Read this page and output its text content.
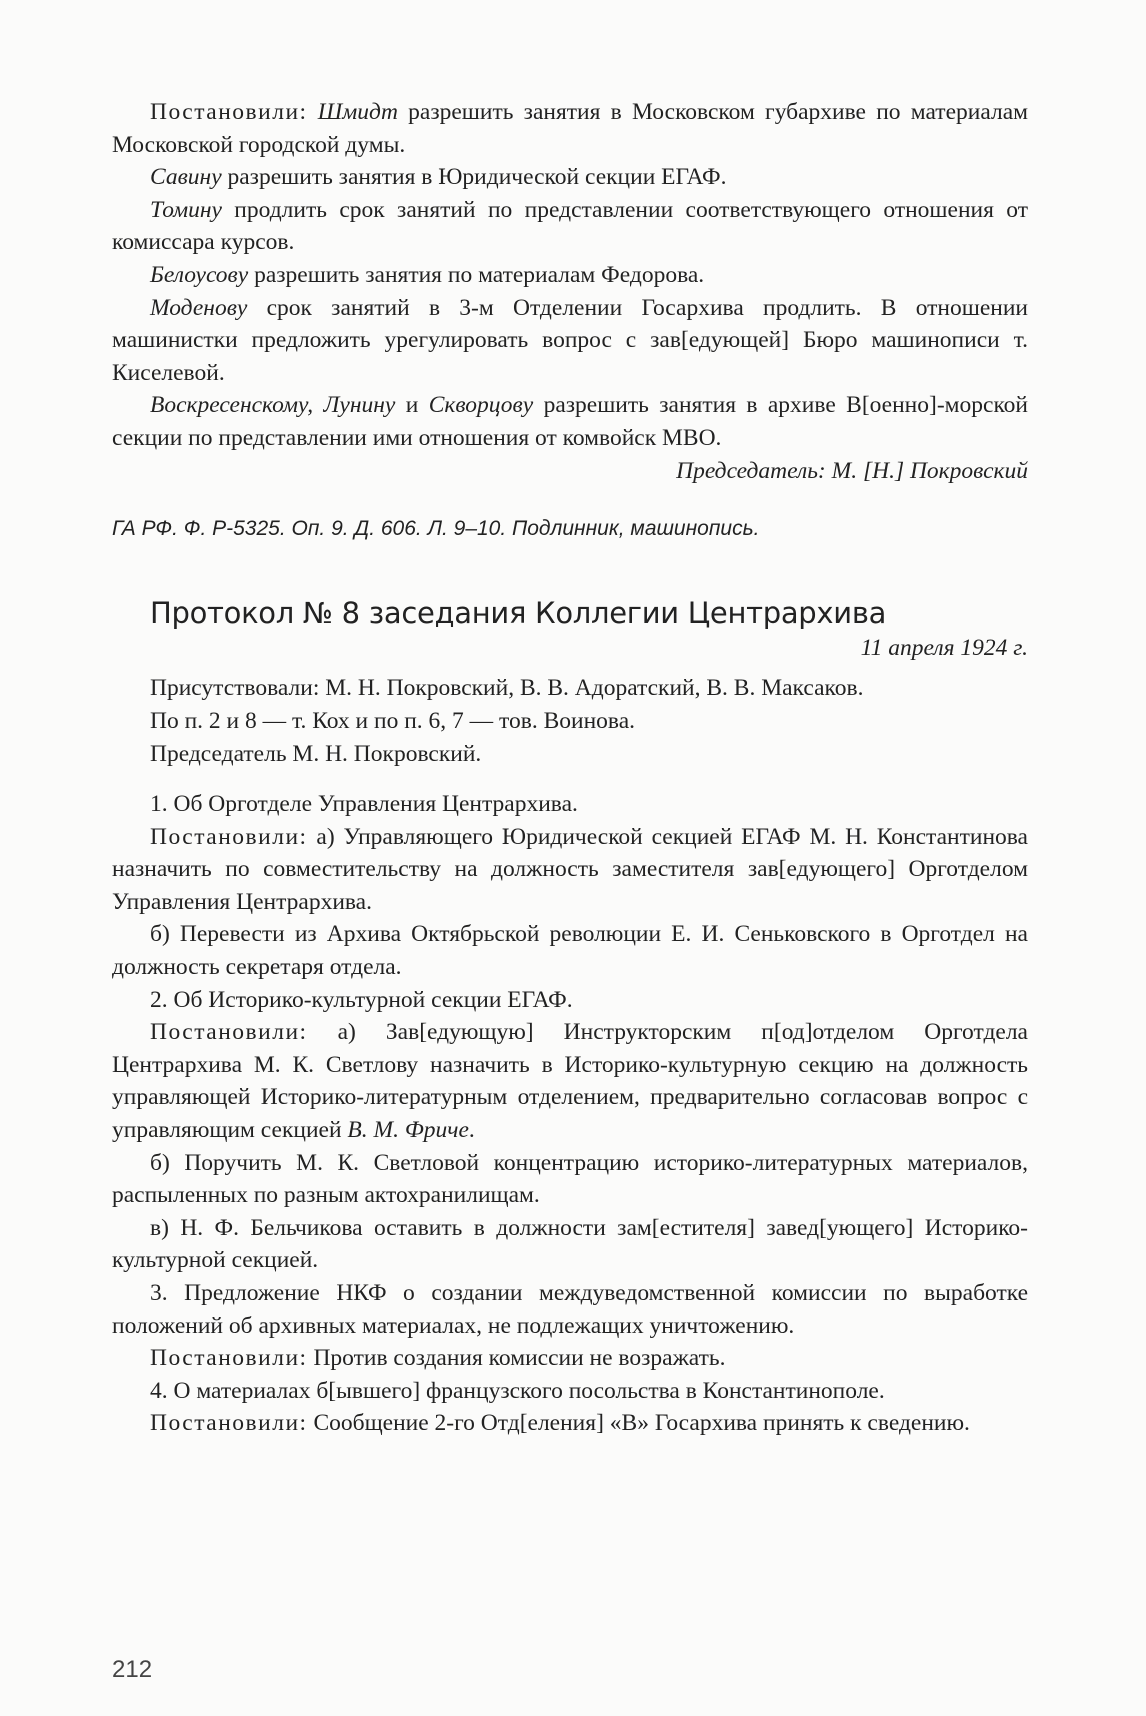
Постановили: Шмидт разрешить занятия в Московском губархиве по материалам Московской городской думы.

Савину разрешить занятия в Юридической секции ЕГАФ.

Томину продлить срок занятий по представлении соответствующего отношения от комиссара курсов.

Белоусову разрешить занятия по материалам Федорова.

Моденову срок занятий в 3-м Отделении Госархива продлить. В отношении машинистки предложить урегулировать вопрос с зав[едующей] Бюро машинописи т. Киселевой.

Воскресенскому, Лунину и Скворцову разрешить занятия в архиве В[оенно]-морской секции по представлении ими отношения от комвойск МВО.

Председатель: М. [Н.] Покровский

ГА РФ. Ф. Р-5325. Оп. 9. Д. 606. Л. 9–10. Подлинник, машинопись.

Протокол № 8 заседания Коллегии Центрархива

11 апреля 1924 г.

Присутствовали: М. Н. Покровский, В. В. Адоратский, В. В. Максаков.

По п. 2 и 8 — т. Кох и по п. 6, 7 — тов. Воинова.

Председатель М. Н. Покровский.

1. Об Орготделе Управления Центрархива.

Постановили: а) Управляющего Юридической секцией ЕГАФ М. Н. Константинова назначить по совместительству на должность заместителя зав[едующего] Орготделом Управления Центрархива.

б) Перевести из Архива Октябрьской революции Е. И. Сеньковского в Орготдел на должность секретаря отдела.

2. Об Историко-культурной секции ЕГАФ.

Постановили: а) Зав[едующую] Инструкторским п[од]отделом Орготдела Центрархива М. К. Светлову назначить в Историко-культурную секцию на должность управляющей Историко-литературным отделением, предварительно согласовав вопрос с управляющим секцией В. М. Фриче.

б) Поручить М. К. Светловой концентрацию историко-литературных материалов, распыленных по разным актохранилищам.

в) Н. Ф. Бельчикова оставить в должности зам[естителя] завед[ующего] Историко-культурной секцией.

3. Предложение НКФ о создании междуведомственной комиссии по выработке положений об архивных материалах, не подлежащих уничтожению.

Постановили: Против создания комиссии не возражать.

4. О материалах б[ывшего] французского посольства в Константинополе.

Постановили: Сообщение 2-го Отд[еления] «В» Госархива принять к сведению.

212
